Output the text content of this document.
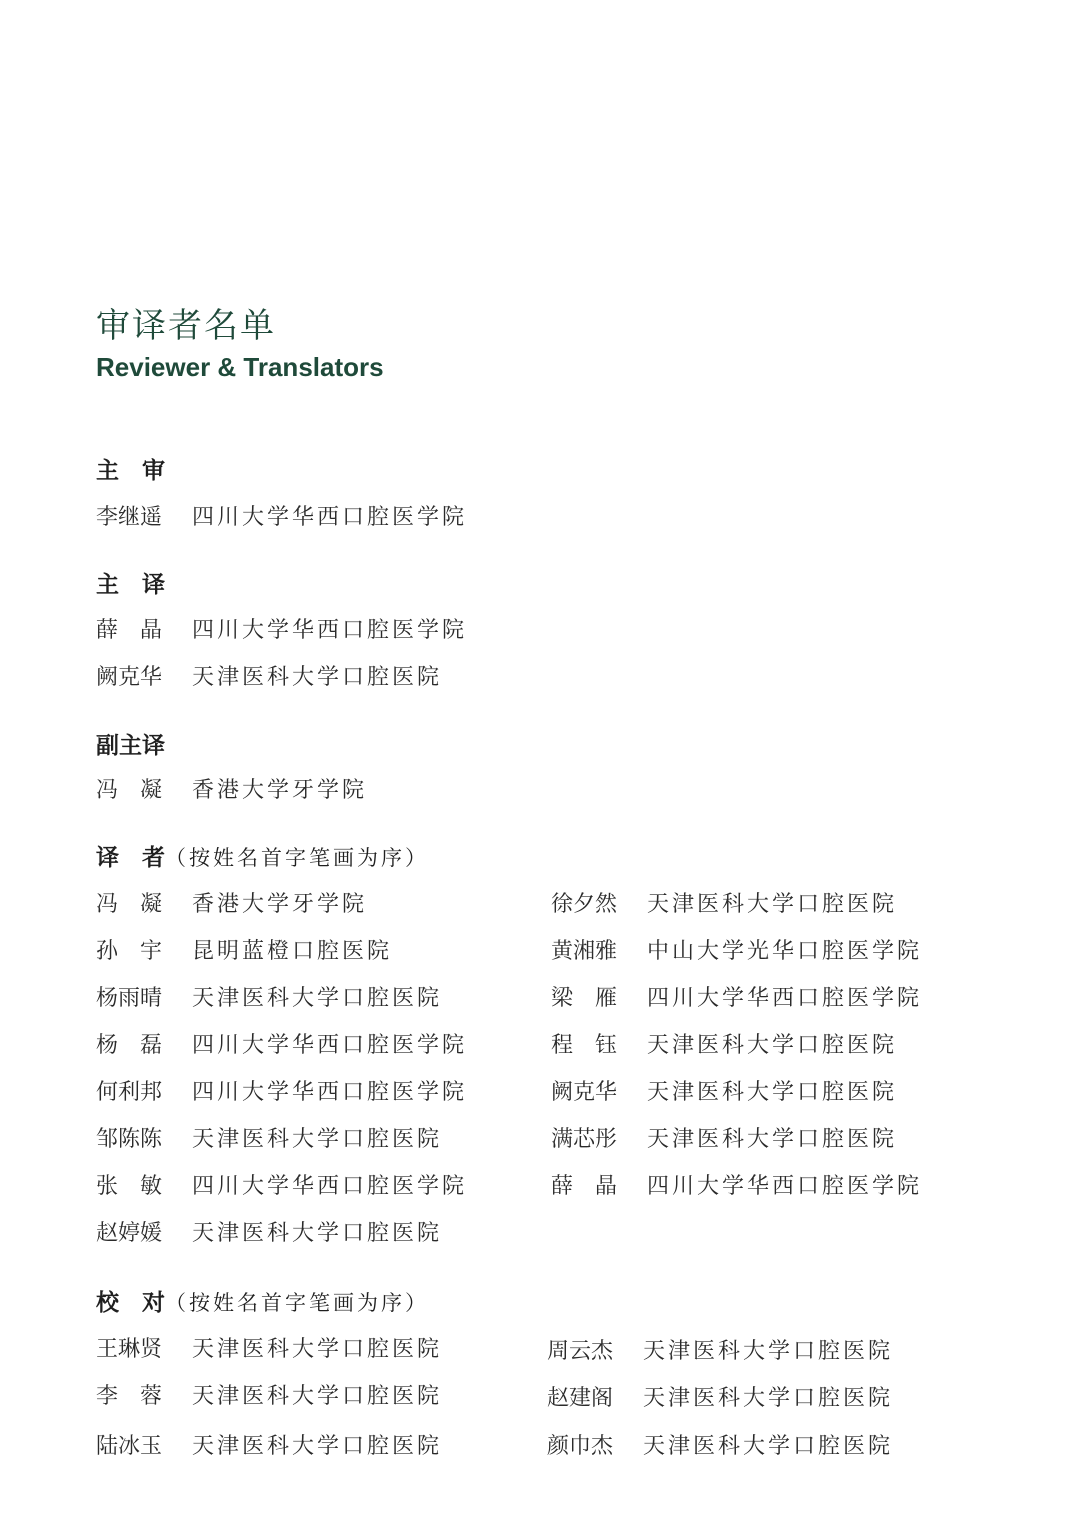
审译者名单
Reviewer & Translators
主　审
李继遥 四川大学华西口腔医学院
主　译
薛　晶 四川大学华西口腔医学院
阙克华 天津医科大学口腔医院
副主译
冯　凝 香港大学牙学院
译　者（按姓名首字笔画为序）
冯　凝 香港大学牙学院
孙　宇 昆明蓝橙口腔医院
杨雨晴 天津医科大学口腔医院
杨　磊 四川大学华西口腔医学院
何利邦 四川大学华西口腔医学院
邹陈陈 天津医科大学口腔医院
张　敏 四川大学华西口腔医学院
赵婷媛 天津医科大学口腔医院
徐夕然 天津医科大学口腔医院
黄湘雅 中山大学光华口腔医学院
梁　雁 四川大学华西口腔医学院
程　钰 天津医科大学口腔医院
阙克华 天津医科大学口腔医院
满芯彤 天津医科大学口腔医院
薛　晶 四川大学华西口腔医学院
校　对（按姓名首字笔画为序）
王琳贤 天津医科大学口腔医院
李　蓉 天津医科大学口腔医院
陆冰玉 天津医科大学口腔医院
周云杰 天津医科大学口腔医院
赵建阁 天津医科大学口腔医院
颜巾杰 天津医科大学口腔医院
